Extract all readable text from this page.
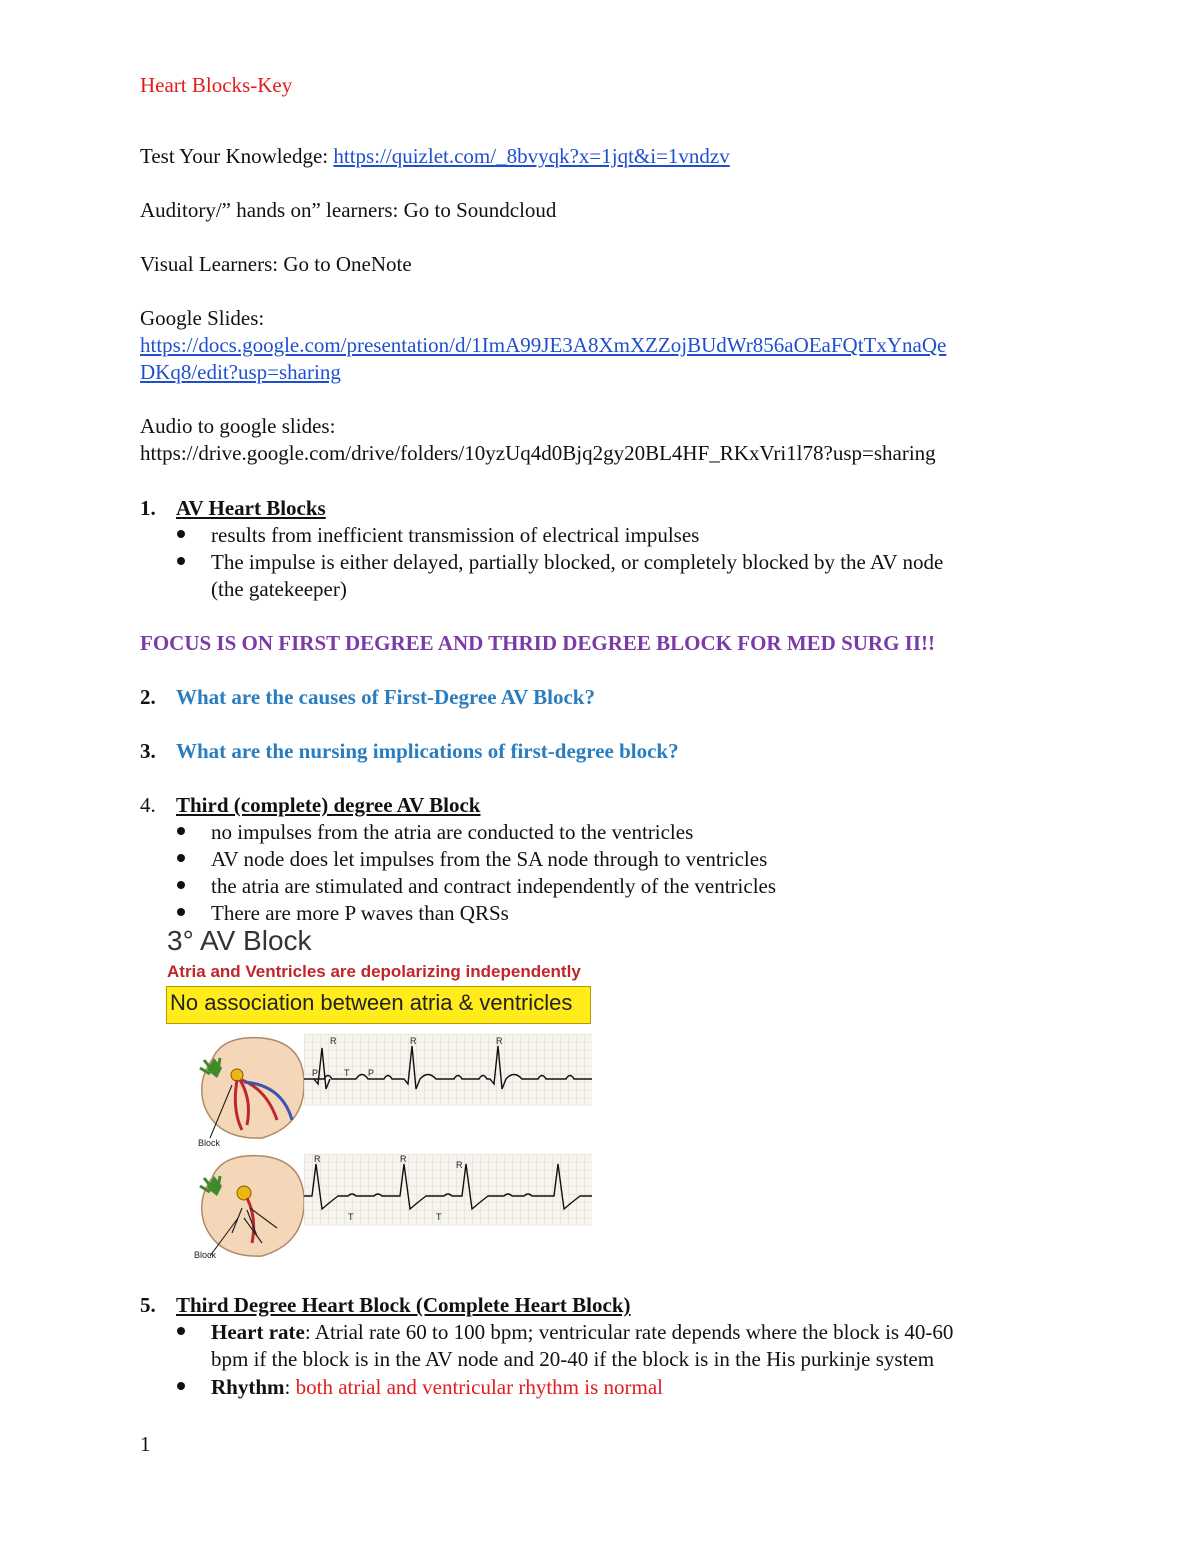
Heart Blocks-Key
Test Your Knowledge: https://quizlet.com/_8bvyqk?x=1jqt&i=1vndzv
Auditory/” hands on” learners: Go to Soundcloud
Visual Learners: Go to OneNote
Google Slides:
https://docs.google.com/presentation/d/1ImA99JE3A8XmXZZojBUdWr856aOEaFQtTxYnaQe
DKq8/edit?usp=sharing
Audio to google slides:
https://drive.google.com/drive/folders/10yzUq4d0Bjq2gy20BL4HF_RKxVri1l78?usp=sharing
1. AV Heart Blocks
results from inefficient transmission of electrical impulses
The impulse is either delayed, partially blocked, or completely blocked by the AV node
(the gatekeeper)
FOCUS IS ON FIRST DEGREE AND THRID DEGREE BLOCK FOR MED SURG II!!
2. What are the causes of First-Degree AV Block?
3. What are the nursing implications of first-degree block?
4. Third (complete) degree AV Block
no impulses from the atria are conducted to the ventricles
AV node does let impulses from the SA node through to ventricles
the atria are stimulated and contract independently of the ventricles
There are more P waves than QRSs
3° AV Block
Atria and Ventricles are depolarizing independently
No association between atria & ventricles
Block
P	T P
R	R	R
Block
R	R
R
T	T
5. Third Degree Heart Block (Complete Heart Block)
Heart rate: Atrial rate 60 to 100 bpm; ventricular rate depends where the block is 40-60
bpm if the block is in the AV node and 20-40 if the block is in the His purkinje system
Rhythm: both atrial and ventricular rhythm is normal
1
